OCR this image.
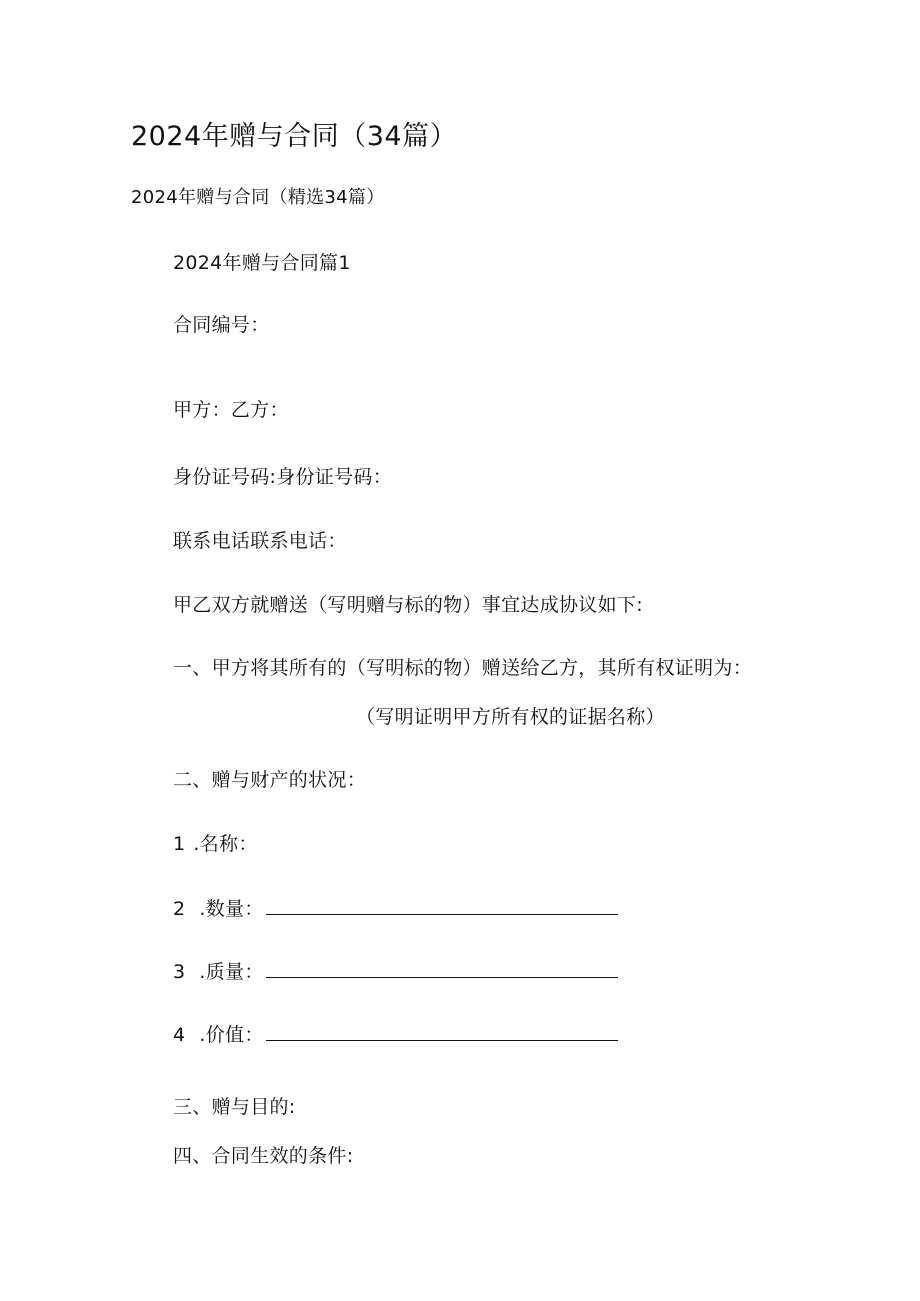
2024年赠与合同（34篇）
2024年赠与合同（精选34篇）
2024年赠与合同篇1
合同编号：
甲方：乙方：
身份证号码:身份证号码：
联系电话联系电话：
甲乙双方就赠送（写明赠与标的物）事宜达成协议如下:
一、甲方将其所有的（写明标的物）赠送给乙方，其所有权证明为：
（写明证明甲方所有权的证据名称）
二、赠与财产的状况：
1 .名称：
2 .数量：
3 .质量：
4 .价值：
三、赠与目的:
四、合同生效的条件:
